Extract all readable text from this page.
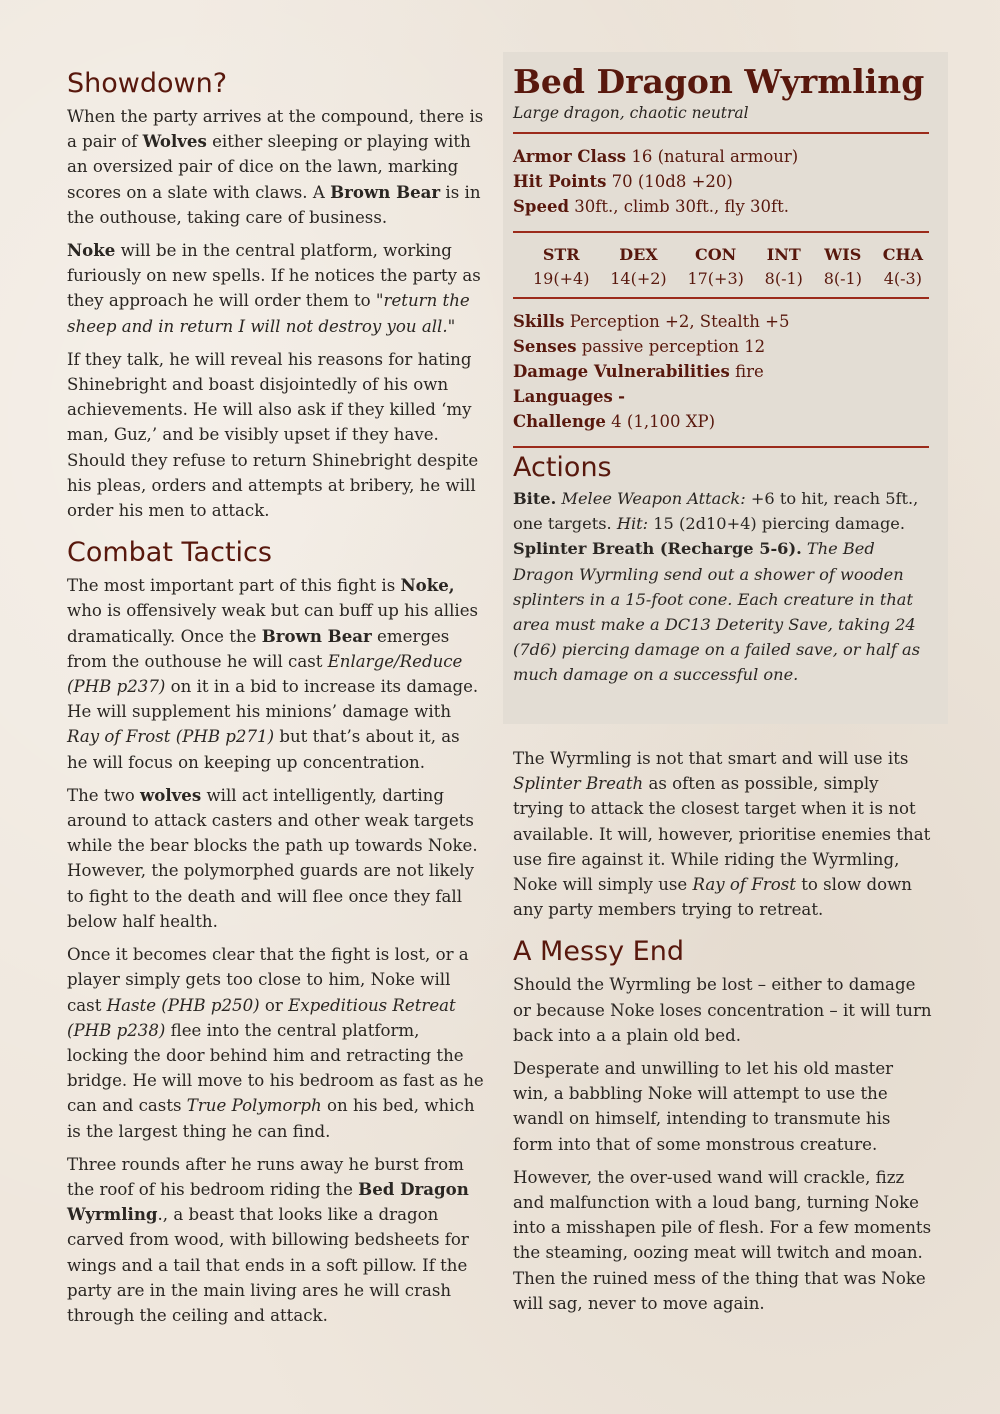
Showdown?

When the party arrives at the compound, there is a pair of Wolves either sleeping or playing with an oversized pair of dice on the lawn, marking scores on a slate with claws. A Brown Bear is in the outhouse, taking care of business.

Noke will be in the central platform, working furiously on new spells. If he notices the party as they approach he will order them to "return the sheep and in return I will not destroy you all."

If they talk, he will reveal his reasons for hating Shinebright and boast disjointedly of his own achievements. He will also ask if they killed ‘my man, Guz,’ and be visibly upset if they have. Should they refuse to return Shinebright despite his pleas, orders and attempts at bribery, he will order his men to attack.

Combat Tactics

The most important part of this fight is Noke, who is offensively weak but can buff up his allies dramatically. Once the Brown Bear emerges from the outhouse he will cast Enlarge/Reduce (PHB p237) on it in a bid to increase its damage. He will supplement his minions’ damage with Ray of Frost (PHB p271) but that’s about it, as he will focus on keeping up concentration.

The two wolves will act intelligently, darting around to attack casters and other weak targets while the bear blocks the path up towards Noke. However, the polymorphed guards are not likely to fight to the death and will flee once they fall below half health.

Once it becomes clear that the fight is lost, or a player simply gets too close to him, Noke will cast Haste (PHB p250) or Expeditious Retreat (PHB p238) flee into the central platform, locking the door behind him and retracting the bridge. He will move to his bedroom as fast as he can and casts True Polymorph on his bed, which is the largest thing he can find.

Three rounds after he runs away he burst from the roof of his bedroom riding the Bed Dragon Wyrmling., a beast that looks like a dragon carved from wood, with billowing bedsheets for wings and a tail that ends in a soft pillow. If the party are in the main living ares he will crash through the ceiling and attack.

Bed Dragon Wyrmling
Large dragon, chaotic neutral
Armor Class 16 (natural armour)
Hit Points 70 (10d8 +20)
Speed 30ft., climb 30ft., fly 30ft.
STR
19(+4)
DEX
14(+2)
CON
17(+3)
INT
8(-1)
WIS
8(-1)
CHA
4(-3)
Skills Perception +2, Stealth +5
Senses passive perception 12
Damage Vulnerabilities fire
Languages -
Challenge 4 (1,100 XP)
Actions

Bite. Melee Weapon Attack: +6 to hit, reach 5ft., one targets. Hit: 15 (2d10+4) piercing damage.

Splinter Breath (Recharge 5-6). The Bed Dragon Wyrmling send out a shower of wooden splinters in a 15-foot cone. Each creature in that area must make a DC13 Deterity Save, taking 24 (7d6) piercing damage on a failed save, or half as much damage on a successful one.

The Wyrmling is not that smart and will use its Splinter Breath as often as possible, simply trying to attack the closest target when it is not available. It will, however, prioritise enemies that use fire against it. While riding the Wyrmling, Noke will simply use Ray of Frost to slow down any party members trying to retreat.

A Messy End

Should the Wyrmling be lost – either to damage or because Noke loses concentration – it will turn back into a a plain old bed.

Desperate and unwilling to let his old master win, a babbling Noke will attempt to use the wandl on himself, intending to transmute his form into that of some monstrous creature.

However, the over-used wand will crackle, fizz and malfunction with a loud bang, turning Noke into a misshapen pile of flesh. For a few moments the steaming, oozing meat will twitch and moan. Then the ruined mess of the thing that was Noke will sag, never to move again.
